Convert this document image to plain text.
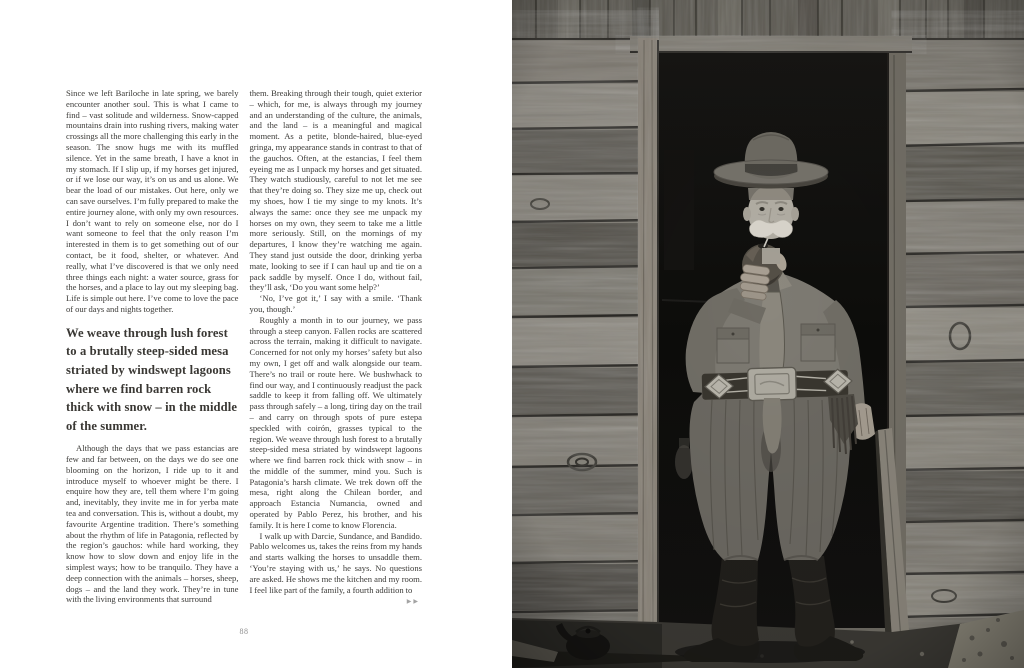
Since we left Bariloche in late spring, we barely encounter another soul. This is what I came to find – vast solitude and wilderness. Snow-capped mountains drain into rushing rivers, making water crossings all the more challenging this early in the season. The snow hugs me with its muffled silence. Yet in the same breath, I have a knot in my stomach. If I slip up, if my horses get injured, or if we lose our way, it’s on us and us alone. We bear the load of our mistakes. Out here, only we can save ourselves. I’m fully prepared to make the entire journey alone, with only my own resources. I don’t want to rely on someone else, nor do I want someone to feel that the only reason I’m interested in them is to get something out of our contact, be it food, shelter, or whatever. And really, what I’ve discovered is that we only need three things each night: a water source, grass for the horses, and a place to lay out my sleeping bag. Life is simple out here. I’ve come to love the pace of our days and nights together.

We weave through lush forest to a brutally steep-sided mesa striated by windswept lagoons where we find barren rock thick with snow – in the middle of the summer.

Although the days that we pass estancias are few and far between, on the days we do see one blooming on the horizon, I ride up to it and introduce myself to whoever might be there. I enquire how they are, tell them where I’m going and, inevitably, they invite me in for yerba mate tea and conversation. This is, without a doubt, my favourite Argentine tradition. There’s something about the rhythm of life in Patagonia, reflected by the region’s gauchos: while hard working, they know how to slow down and enjoy life in the simplest ways; how to be tranquilo. They have a deep connection with the animals – horses, sheep, dogs – and the land they work. They’re in tune with the living environments that surround

them. Breaking through their tough, quiet exterior – which, for me, is always through my journey and an understanding of the culture, the animals, and the land – is a meaningful and magical moment. As a petite, blonde-haired, blue-eyed gringa, my appearance stands in contrast to that of the gauchos. Often, at the estancias, I feel them eyeing me as I unpack my horses and get situated. They watch studiously, careful to not let me see that they’re doing so. They size me up, check out my shoes, how I tie my singe to my knots. It’s always the same: once they see me unpack my horses on my own, they seem to take me a little more seriously. Still, on the mornings of my departures, I know they’re watching me again. They stand just outside the door, drinking yerba mate, looking to see if I can haul up and tie on a pack saddle by myself. Once I do, without fail, they’ll ask, ‘Do you want some help?’

‘No, I’ve got it,’ I say with a smile. ‘Thank you, though.’

Roughly a month in to our journey, we pass through a steep canyon. Fallen rocks are scattered across the terrain, making it difficult to navigate. Concerned for not only my horses’ safety but also my own, I get off and walk alongside our team. There’s no trail or route here. We bushwhack to find our way, and I continuously readjust the pack saddle to keep it from falling off. We ultimately pass through safely – a long, tiring day on the trail – and carry on through spots of pure estepa speckled with coirón, grasses typical to the region. We weave through lush forest to a brutally steep-sided mesa striated by windswept lagoons where we find barren rock thick with snow – in the middle of the summer, mind you. Such is Patagonia’s harsh climate. We trek down off the mesa, right along the Chilean border, and approach Estancia Numancia, owned and operated by Pablo Perez, his brother, and his family. It is here I come to know Florencia.

I walk up with Darcie, Sundance, and Bandido. Pablo welcomes us, takes the reins from my hands and starts walking the horses to unsaddle them. ‘You’re staying with us,’ he says. No questions are asked. He shows me the kitchen and my room. I feel like part of the family, a fourth addition to

▶▶
88
